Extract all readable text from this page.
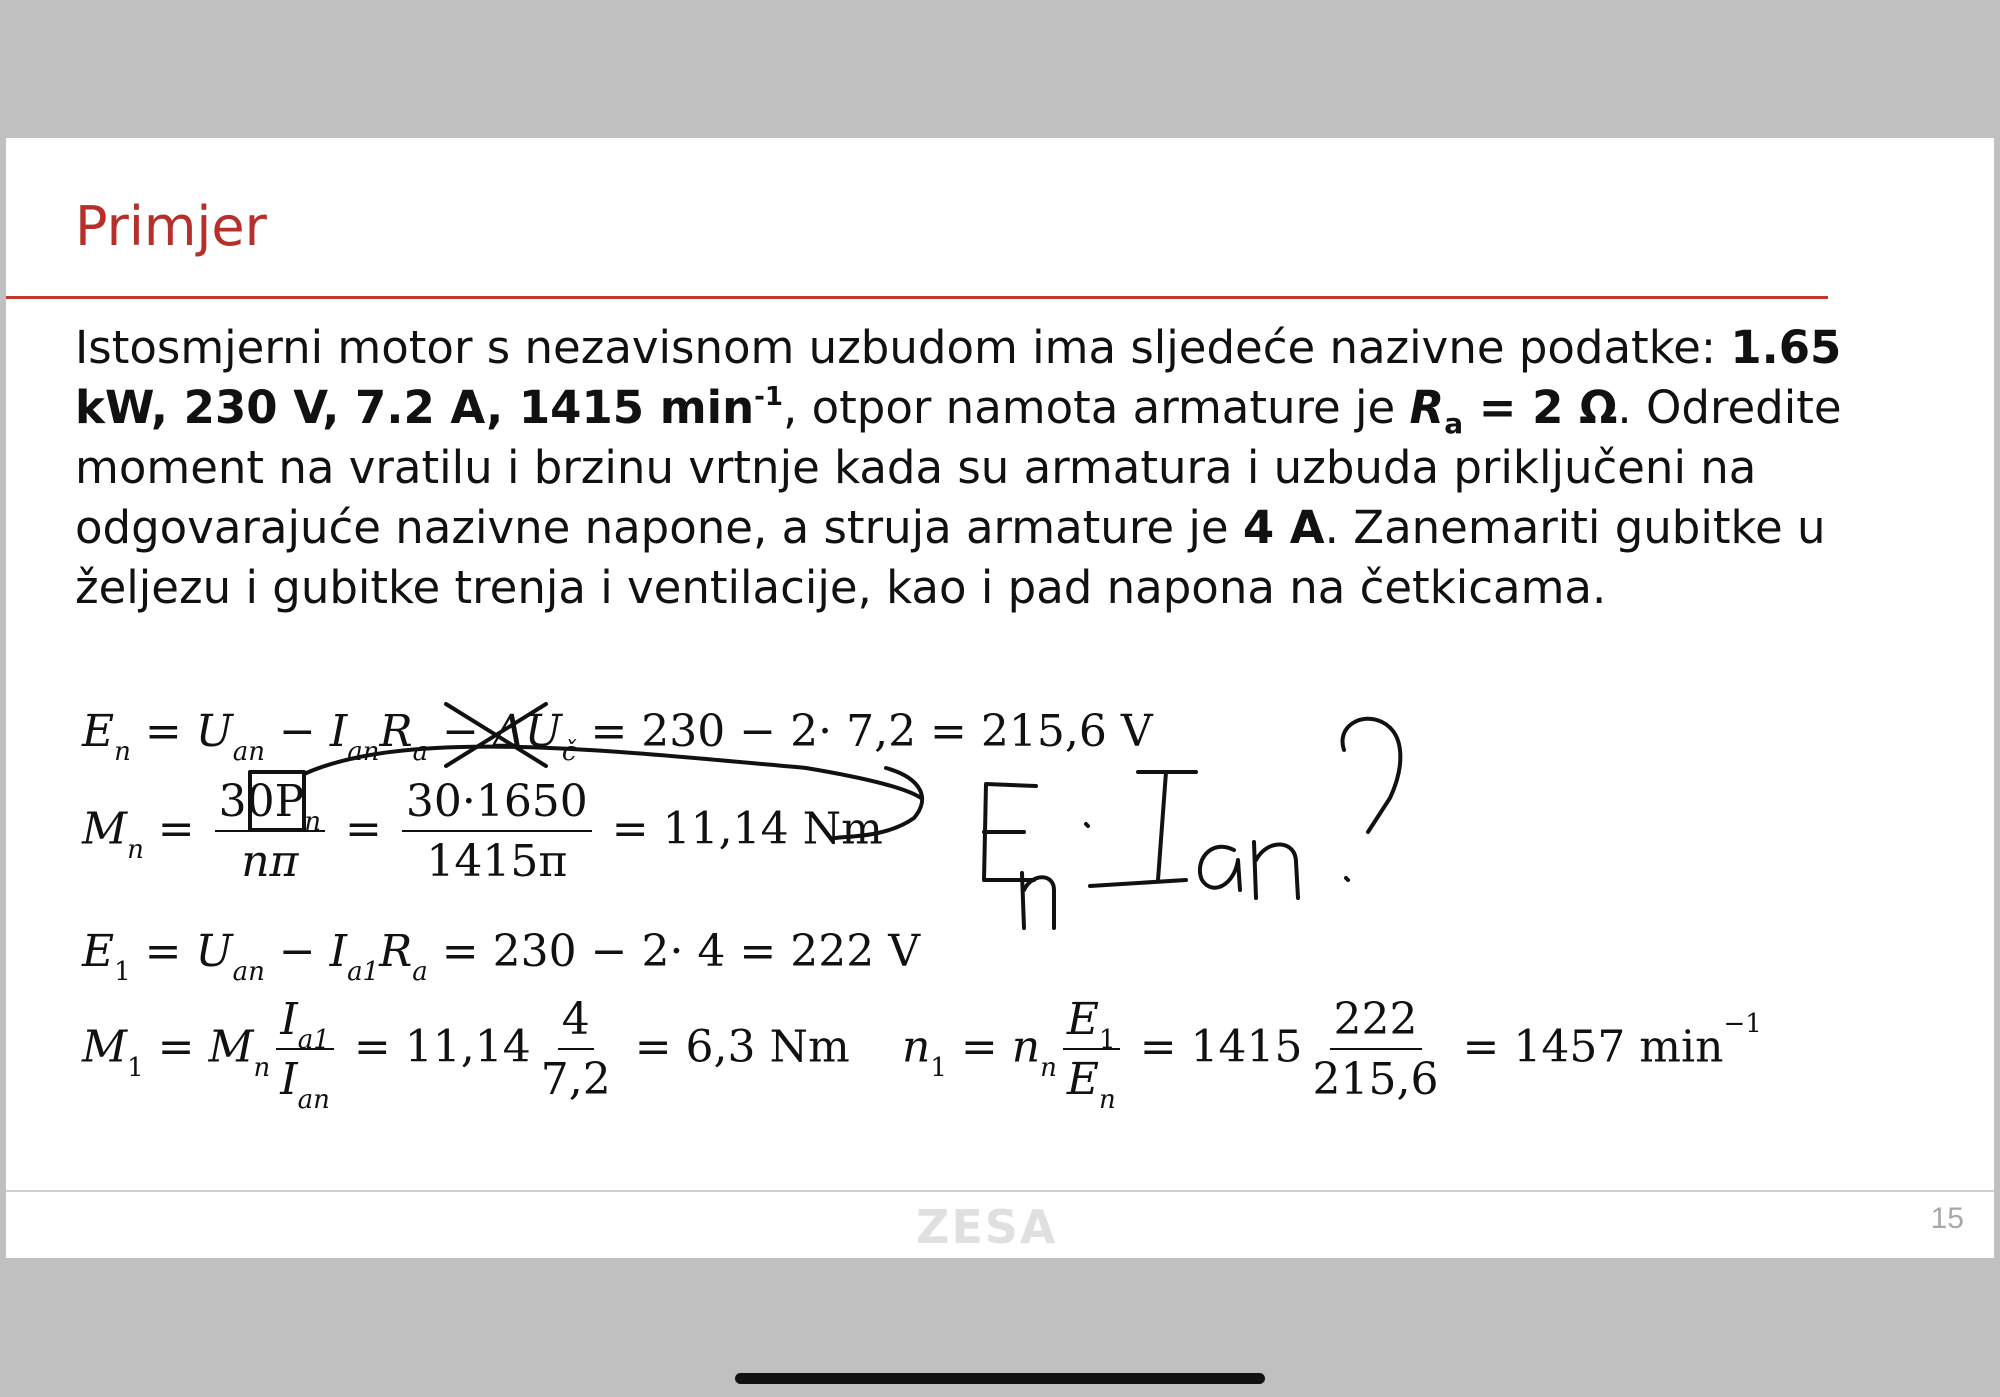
Primjer
Istosmjerni motor s nezavisnom uzbudom ima sljedeće nazivne podatke: 1.65 kW, 230 V, 7.2 A, 1415 $\min^{-1}$, otpor namota armature je $R_a = 2$ Ω. Odredite moment na vratilu i brzinu vrtnje kada su armatura i uzbuda priključeni na odgovarajuće nazivne napone, a struja armature je 4 A. Zanemariti gubitke u željezu i gubitke trenja i ventilacije, kao i pad napona na četkicama.
$E_n = U_{an} - I_{an}R_a - \Delta U_č = 230 - 2\cdot 7,2 = 215,6$ V
$M_n = \frac{30P_n}{n\pi} = \frac{30\cdot 1650}{1415\pi} = 11,14$ Nm
$E_1 = U_{an} - I_{a1}R_a = 230 - 2\cdot 4 = 222$ V
$M_1 = M_n \frac{I_{a1}}{I_{an}} = 11,14 \frac{4}{7,2} = 6,3$ Nm $n_1 = n_n \frac{E_1}{E_n} = 1415 \frac{222}{215,6} = 1457$ $\min^{-1}$
ZESA	15
